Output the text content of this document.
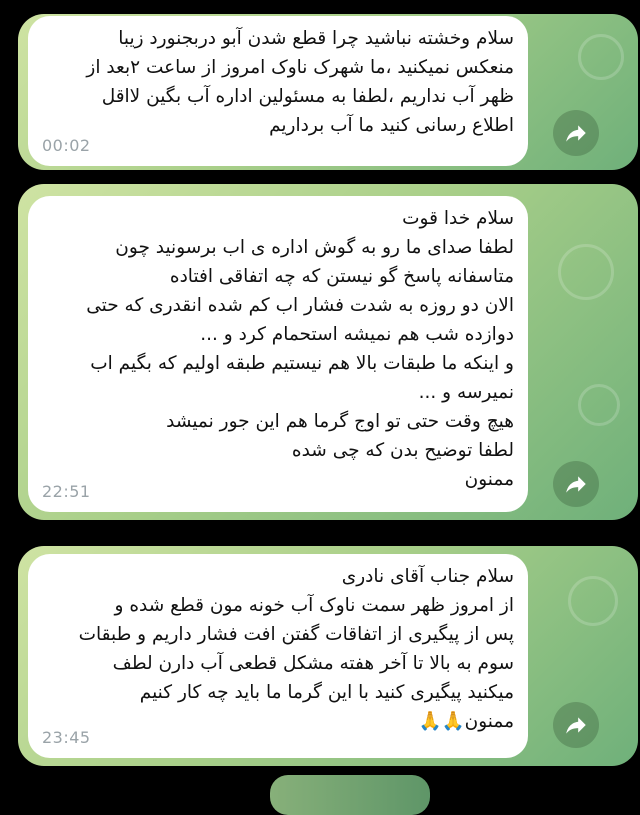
سلام وخشته نباشید چرا قطع شدن آبو دربجنورد زیبا
منعکس نمیکنید ،ما شهرک ناوک امروز از ساعت ۲بعد از
ظهر آب نداریم ،لطفا به مسئولین اداره آب بگین لااقل
اطلاع رسانی کنید ما آب برداریم
00:02
سلام خدا قوت
لطفا صدای ما رو به گوش اداره ی اب برسونید چون
متاسفانه پاسخ گو نیستن که چه اتفاقی افتاده
الان دو روزه به شدت فشار اب کم شده انقدری که حتی
دوازده شب هم نمیشه استحمام کرد و ...
و اینکه ما طبقات بالا هم نیستیم طبقه اولیم که بگیم اب
نمیرسه و ...
هیچ وقت حتی تو اوج گرما هم این جور نمیشد
لطفا توضیح بدن که چی شده
ممنون
22:51
سلام جناب آقای نادری
از امروز ظهر سمت ناوک آب خونه مون قطع شده و
پس از پیگیری از اتفاقات گفتن افت فشار داریم و طبقات
سوم به بالا تا آخر هفته مشکل قطعی آب دارن لطف
میکنید پیگیری کنید با این گرما ما باید چه کار کنیم
ممنون🙏🙏
23:45
